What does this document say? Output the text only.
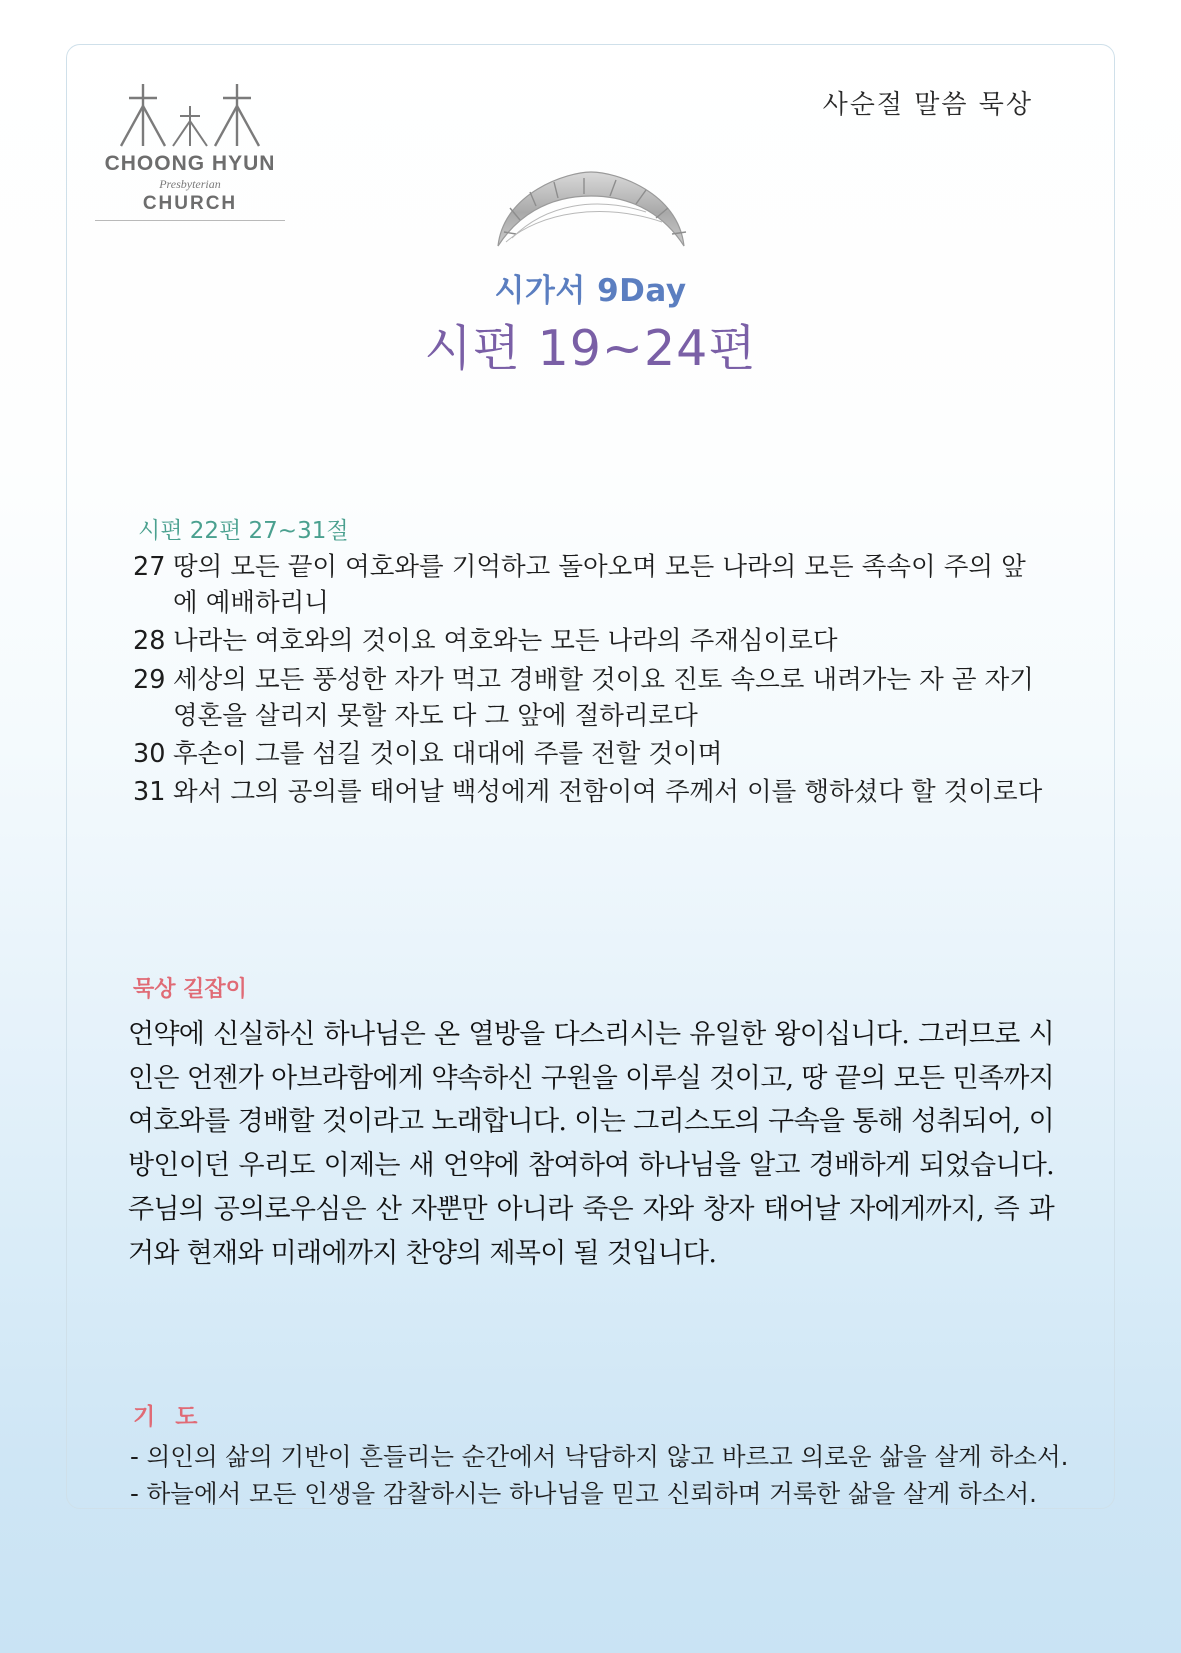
CHOONG HYUN
Presbyterian
CHURCH
사순절 말씀 묵상
시가서 9Day
시편 19~24편
시편 22편 27~31절
27 땅의 모든 끝이 여호와를 기억하고 돌아오며 모든 나라의 모든 족속이 주의 앞에 예배하리니
28 나라는 여호와의 것이요 여호와는 모든 나라의 주재심이로다
29 세상의 모든 풍성한 자가 먹고 경배할 것이요 진토 속으로 내려가는 자 곧 자기 영혼을 살리지 못할 자도 다 그 앞에 절하리로다
30 후손이 그를 섬길 것이요 대대에 주를 전할 것이며
31 와서 그의 공의를 태어날 백성에게 전함이여 주께서 이를 행하셨다 할 것이로다
묵상 길잡이
언약에 신실하신 하나님은 온 열방을 다스리시는 유일한 왕이십니다. 그러므로 시인은 언젠가 아브라함에게 약속하신 구원을 이루실 것이고, 땅 끝의 모든 민족까지 여호와를 경배할 것이라고 노래합니다. 이는 그리스도의 구속을 통해 성취되어, 이방인이던 우리도 이제는 새 언약에 참여하여 하나님을 알고 경배하게 되었습니다. 주님의 공의로우심은 산 자뿐만 아니라 죽은 자와 창자 태어날 자에게까지, 즉 과거와 현재와 미래에까지 찬양의 제목이 될 것입니다.
기 도
- 의인의 삶의 기반이 흔들리는 순간에서 낙담하지 않고 바르고 의로운 삶을 살게 하소서.
- 하늘에서 모든 인생을 감찰하시는 하나님을 믿고 신뢰하며 거룩한 삶을 살게 하소서.
